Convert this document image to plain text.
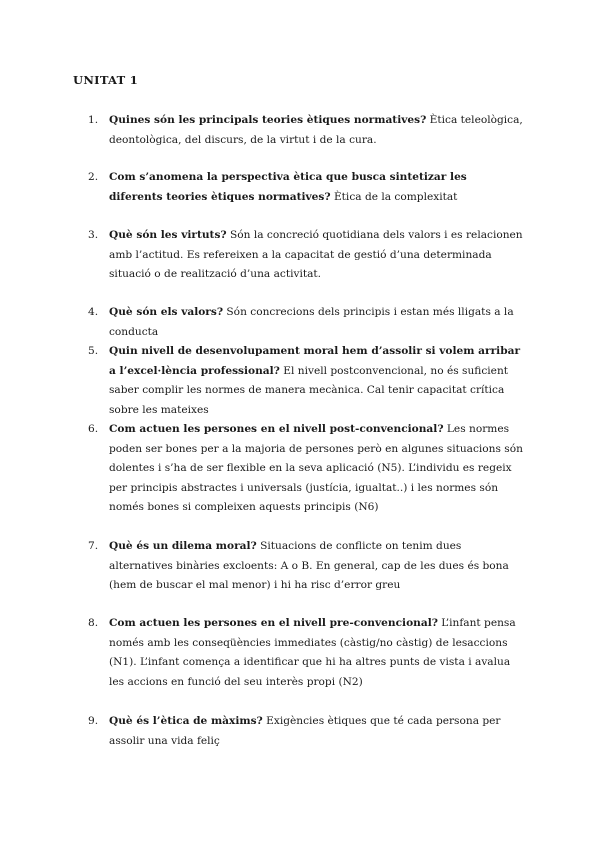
UNITAT 1
1.	Quines són les principals teories ètiques normatives? Ètica teleològica, deontològica, del discurs, de la virtut i de la cura.
2.	Com s’anomena la perspectiva ètica que busca sintetizar les diferents teories ètiques normatives? Ètica de la complexitat
3.	Què són les virtuts? Són la concreció quotidiana dels valors i es relacionen amb l’actitud. Es refereixen a la capacitat de gestió d’una determinada situació o de realització d’una activitat.
4.	Què són els valors? Són concrecions dels principis i estan més lligats a la conducta
5.	Quin nivell de desenvolupament moral hem d’assolir si volem arribar a l’excel·lència professional? El nivell postconvencional, no és suficient saber complir les normes de manera mecànica. Cal tenir capacitat crítica sobre les mateixes
6.	Com actuen les persones en el nivell post-convencional? Les normes poden ser bones per a la majoria de persones però en algunes situacions són dolentes i s’ha de ser flexible en la seva aplicació (N5). L’individu es regeix per principis abstractes i universals (justícia, igualtat..) i les normes són només bones si compleixen aquests principis (N6)
7.	Què és un dilema moral? Situacions de conflicte on tenim dues alternatives binàries excloents: A o B. En general, cap de les dues és bona (hem de buscar el mal menor) i hi ha risc d’error greu
8.	Com actuen les persones en el nivell pre-convencional? L’infant pensa només amb les conseqüències immediates (càstig/no càstig) de lesaccions (N1). L’infant comença a identificar que hi ha altres punts de vista i avalua les accions en funció del seu interès propi (N2)
9.	Què és l’ètica de màxims? Exigències ètiques que té cada persona per assolir una vida feliç
